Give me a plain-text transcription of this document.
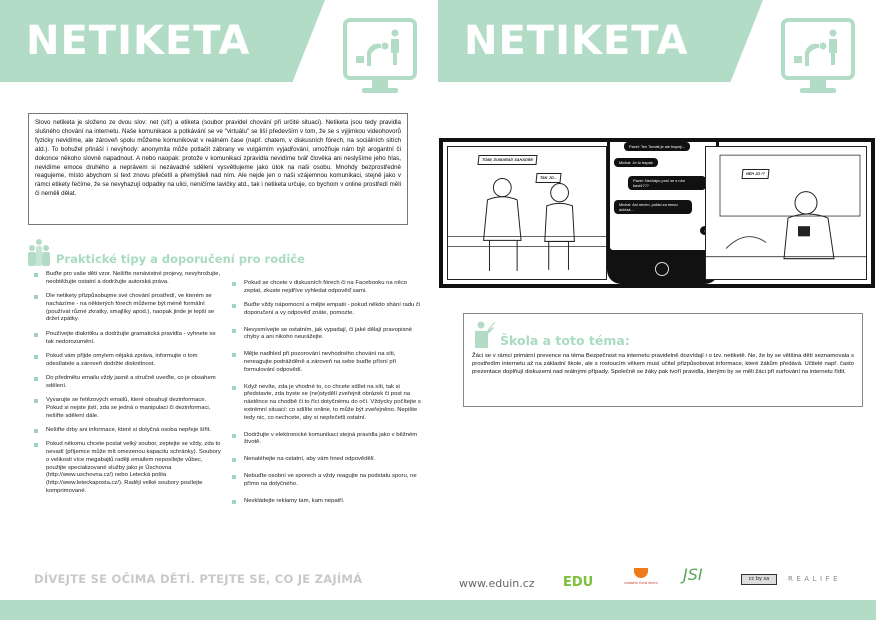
NETIKETA

Slovo netiketa je složeno ze dvou slov: net (síť) a etiketa (soubor pravidel chování při určité situaci). Netiketa jsou tedy pravidla slušného chování na internetu. Naše komunikace a potkávání se ve "virtuálu" se liší především v tom, že se s výjimkou videohovorů fyzicky nevidíme, ale zároveň spolu můžeme komunikovat v reálném čase (např. chatem, v diskusních fórech, na sociálních sítích atd.). To bohužel přináší i nevýhody: anonymita může potlačit zábrany ve vulgárním vyjadřování, umožňuje nám být arogantní či dokonce někoho slovně napadnout. A nebo naopak: protože v komunikaci zpravidla nevidíme tvář člověka ani neslyšíme jeho hlas, nevidíme emoce druhého a neprávem si nezávadné sdělení vysvětlujeme jako útok na naši osobu. Mnohdy bezprostředně reagujeme, místo abychom si text znovu přečetli a přemýšleli nad ním. Ale nejde jen o naši vzájemnou komunikaci, stejně jako v rámci etikety řečíme, že se nevyhazují odpadky na ulici, neničíme lavičky atd., tak i netiketa určuje, co bychom v online prostředí měli či neměli dělat.

Praktické tipy a doporučení pro rodiče
Buďte pro vaše děti vzor. Nešiřte nenávistné projevy, nevyhrožujte, neobtěžujte ostatní a dodržujte autorská práva.
Dle netikety přizpůsobujme své chování prostředí, ve kterém se nacházíme - na některých fórech můžeme být méně formální (používat různé zkratky, smajlíky apod.), naopak jinde je lepší se držet zpátky.
Používejte diakritiku a dodržujte gramatická pravidla - vyhnete se tak nedorozumění.
Pokud vám přijde omylem nějaká zpráva, informujte o tom odesílatele a zároveň dodržte diskrétnost.
Do předmětu emailu vždy jasně a stručně uveďte, co je obsahem sdělení.
Vyvarujte se řetězových emailů, které obsahují dezinformace. Pokud si nejste jistí, zda se jedná o manipulaci či dezinformaci, nešiřte sdělení dále.
Nešiřte drby ani informace, které si dotyčná osoba nepřeje šířit.
Pokud někomu chcete poslat velký soubor, zeptejte se vždy, zda to nevadí (příjemce může mít omezenou kapacitu schránky). Soubory o velikosti více megabajtů raději emailem neposílejte vůbec, použijte specializované služby jako je Úschovna (http://www.uschovna.cz/) nebo Letecká pošta (http://www.leteckaposta.cz/). Raději velké soubory posílejte komprimované.
Pokud se chcete v diskusních fórech či na Facebooku na něco zeptat, zkuste nejdříve vyhledat odpověď sami.
Buďte vždy nápomocní a mějte empatii - pokud někdo shání radu či doporučení a vy odpověď znáte, pomozte.
Nevysmívejte se ostatním, jak vypadají, či jaké dělají pravopisné chyby a ani nikoho neurážejte.
Mějte nadhled při pozorování nevhodného chování na síti, nereagujte podrážděně a zároveň na sebe buďte přísní při formulování odpovědí.
Když nevíte, zda je vhodné to, co chcete sdílet na síti, tak si představte, zda byste se (ne)stydělí zveřejnit obrázek či post na nástěnce na chodbě či to říci dotyčnému do očí. Vždycky počítejte s extrémní situací: co sdílíte online, to může být zveřejněno. Nepište tedy nic, co nechcete, aby si nepřečetli ostatní.
Dodržujte v elektronické komunikaci stejná pravidla jako v běžném životě.
Nenaléhejte na ostatní, aby vám hned odpovědělí.
Nebuďte osobní ve sporech a vždy reagujte na podstatu sporu, ne přímo na dotyčného.
Nevkládejte reklamy tam, kam nepatří.
DÍVEJTE SE OČIMA DĚTÍ. PTEJTE SE, CO JE ZAJÍMÁ
NETIKETA
TOMI, DUMARAD SAHADÍM!
TAK JO...
Pavel: Ten Tomáš je ale trapný...
Michal: Je to trapák
Pavel: Nechápu proč se s ním bavíš???
Michal: Ani nevím, pořád za mnou dolézá...
HEH JO !?
Škola a toto téma:
Žáci se v rámci primární prevence na téma Bezpečnost na internetu pravidelně dozvídají i o tzv. netiketě. Ne, že by se většina dětí seznamovala s prostředím internetu až na základní škole, ale s rostoucím věkem musí učitel přizpůsobovat informace, které žákům předává. Učitelé např. často prezentace doplňují diskuzemi nad reálnými případy. Společně se žáky pak tvoří pravidla, kterými by se měli žáci při surfování na internetu řídit.
www.eduin.cz EDU	nadační fond sirení JSI	cc by sa	REALIFE
